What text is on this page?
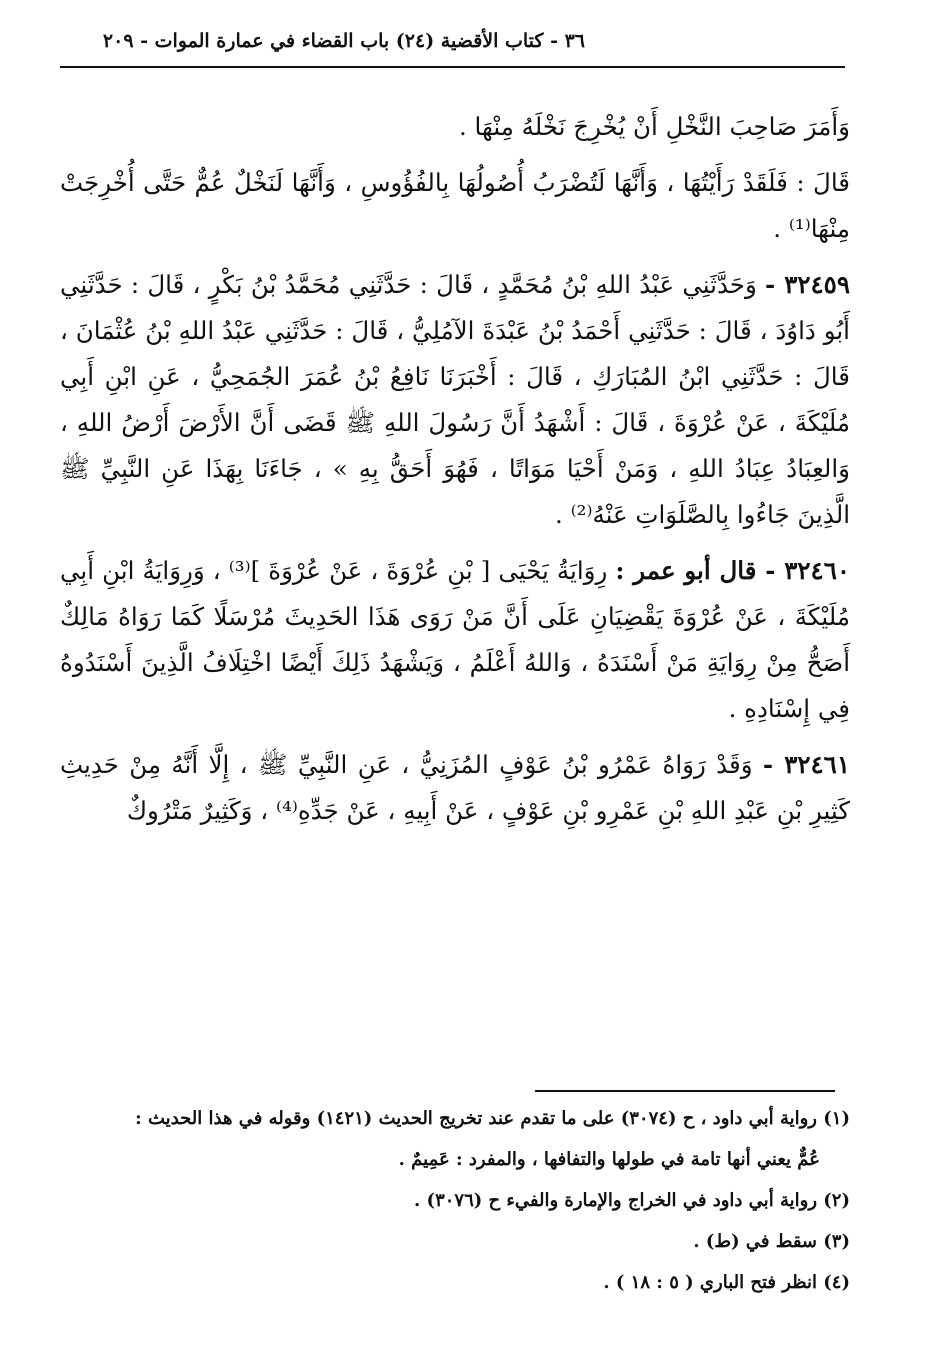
٣٦ - كتاب الأقضية (٢٤) باب القضاء في عمارة الموات - ٢٠٩

وَأَمَرَ صَاحِبَ النَّخْلِ أَنْ يُخْرِجَ نَخْلَهُ مِنْهَا .

قَالَ : فَلَقَدْ رَأَيْتُهَا ، وَأَنَّهَا لَتُضْرَبُ أُصُولُهَا بِالفُؤُوسِ ، وَأَنَّهَا لَنَخْلٌ عُمٌّ حَتَّى أُخْرِجَتْ مِنْهَا⁽¹⁾ .

٣٢٤٥٩ - وَحَدَّثَنِي عَبْدُ اللهِ بْنُ مُحَمَّدٍ ، قَالَ : حَدَّثَنِي مُحَمَّدُ بْنُ بَكْرٍ ، قَالَ : حَدَّثَنِي أَبُو دَاوُدَ ، قَالَ : حَدَّثَنِي أَحْمَدُ بْنُ عَبْدَةَ الآمُلِيُّ ، قَالَ : حَدَّثَنِي عَبْدُ اللهِ بْنُ عُثْمَانَ ، قَالَ : حَدَّثَنِي ابْنُ المُبَارَكِ ، قَالَ : أَخْبَرَنَا نَافِعُ بْنُ عُمَرَ الجُمَحِيُّ ، عَنِ ابْنِ أَبِي مُلَيْكَةَ ، عَنْ عُرْوَةَ ، قَالَ : أَشْهَدُ أَنَّ رَسُولَ اللهِ ﷺ قَضَى أَنَّ الأَرْضَ أَرْضُ اللهِ ، وَالعِبَادُ عِبَادُ اللهِ ، وَمَنْ أَحْيَا مَوَاتًا ، فَهُوَ أَحَقُّ بِهِ » ، جَاءَنَا بِهَذَا عَنِ النَّبِيِّ ﷺ الَّذِينَ جَاءُوا بِالصَّلَوَاتِ عَنْهُ⁽²⁾ .

٣٢٤٦٠ - قال أبو عمر : رِوَايَةُ يَحْيَى [ بْنِ عُرْوَةَ ، عَنْ عُرْوَةَ ]⁽³⁾ ، وَرِوَايَةُ ابْنِ أَبِي مُلَيْكَةَ ، عَنْ عُرْوَةَ يَقْضِيَانِ عَلَى أَنَّ مَنْ رَوَى هَذَا الحَدِيثَ مُرْسَلًا كَمَا رَوَاهُ مَالِكٌ أَصَحُّ مِنْ رِوَايَةِ مَنْ أَسْنَدَهُ ، وَاللهُ أَعْلَمُ ، وَيَشْهَدُ ذَلِكَ أَيْضًا اخْتِلَافُ الَّذِينَ أَسْنَدُوهُ فِي إِسْنَادِهِ .

٣٢٤٦١ - وَقَدْ رَوَاهُ عَمْرُو بْنُ عَوْفٍ المُزَنِيُّ ، عَنِ النَّبِيِّ ﷺ ، إِلَّا أَنَّهُ مِنْ حَدِيثِ كَثِيرِ بْنِ عَبْدِ اللهِ بْنِ عَمْرِو بْنِ عَوْفٍ ، عَنْ أَبِيهِ ، عَنْ جَدِّهِ⁽⁴⁾ ، وَكَثِيرٌ مَتْرُوكٌ

(١) رواية أبي داود ، ح (٣٠٧٤) على ما تقدم عند تخريج الحديث (١٤٢١) وقوله في هذا الحديث :

عُمٌّ يعني أنها تامة في طولها والتفافها ، والمفرد : عَمِيمٌ .

(٢) رواية أبي داود في الخراج والإمارة والفيء ح (٣٠٧٦) .

(٣) سقط في (ط) .

(٤) انظر فتح الباري ( ٥ : ١٨ ) .
